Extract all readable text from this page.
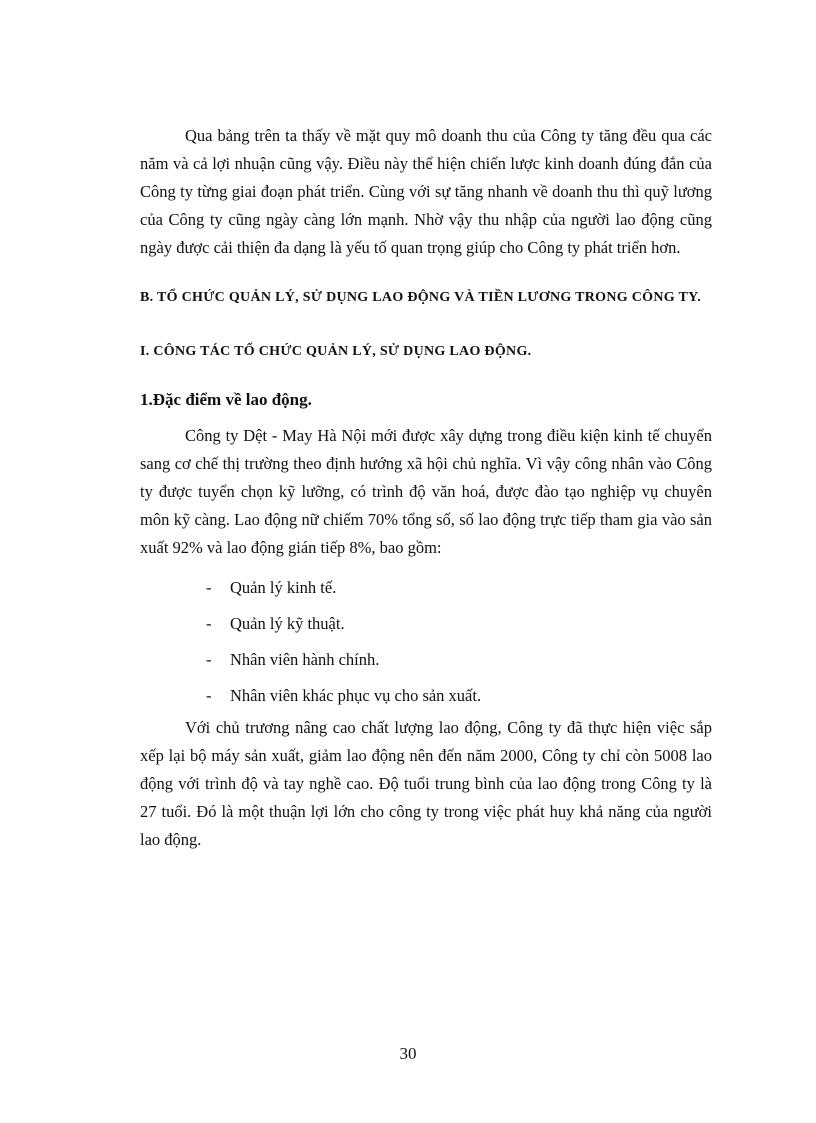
Qua bảng trên ta thấy về mặt quy mô doanh thu của Công ty tăng đều qua các năm và cả lợi nhuận cũng vậy. Điều này thể hiện chiến lược kinh doanh đúng đắn của Công ty từng giai đoạn phát triển. Cùng với sự tăng nhanh về doanh thu thì quỹ lương của Công ty cũng ngày càng lớn mạnh. Nhờ vậy thu nhập của người lao động cũng ngày được cải thiện đa dạng là yếu tố quan trọng giúp cho Công ty phát triển hơn.

B. TỔ CHỨC QUẢN LÝ, SỬ DỤNG LAO ĐỘNG VÀ TIỀN LƯƠNG TRONG CÔNG TY.

I. CÔNG TÁC TỔ CHỨC QUẢN LÝ, SỬ DỤNG LAO ĐỘNG.

1.Đặc điểm về lao động.

Công ty Dệt - May Hà Nội mới được xây dựng trong điều kiện kinh tế chuyển sang cơ chế thị trường theo định hướng xã hội chủ nghĩa. Vì vậy công nhân vào Công ty được tuyển chọn kỹ lưỡng, có trình độ văn hoá, được đào tạo nghiệp vụ chuyên môn kỹ càng. Lao động nữ chiếm 70% tổng số, số lao động trực tiếp tham gia vào sản xuất 92% và lao động gián tiếp 8%, bao gồm:

- Quản lý kinh tế.
- Quản lý kỹ thuật.
- Nhân viên hành chính.
- Nhân viên khác phục vụ cho sản xuất.

Với chủ trương nâng cao chất lượng lao động, Công ty đã thực hiện việc sắp xếp lại bộ máy sản xuất, giảm lao động nên đến năm 2000, Công ty chỉ còn 5008 lao động với trình độ và tay nghề cao. Độ tuổi trung bình của lao động trong Công ty là 27 tuổi. Đó là một thuận lợi lớn cho công ty trong việc phát huy khả năng của người lao động.

30
